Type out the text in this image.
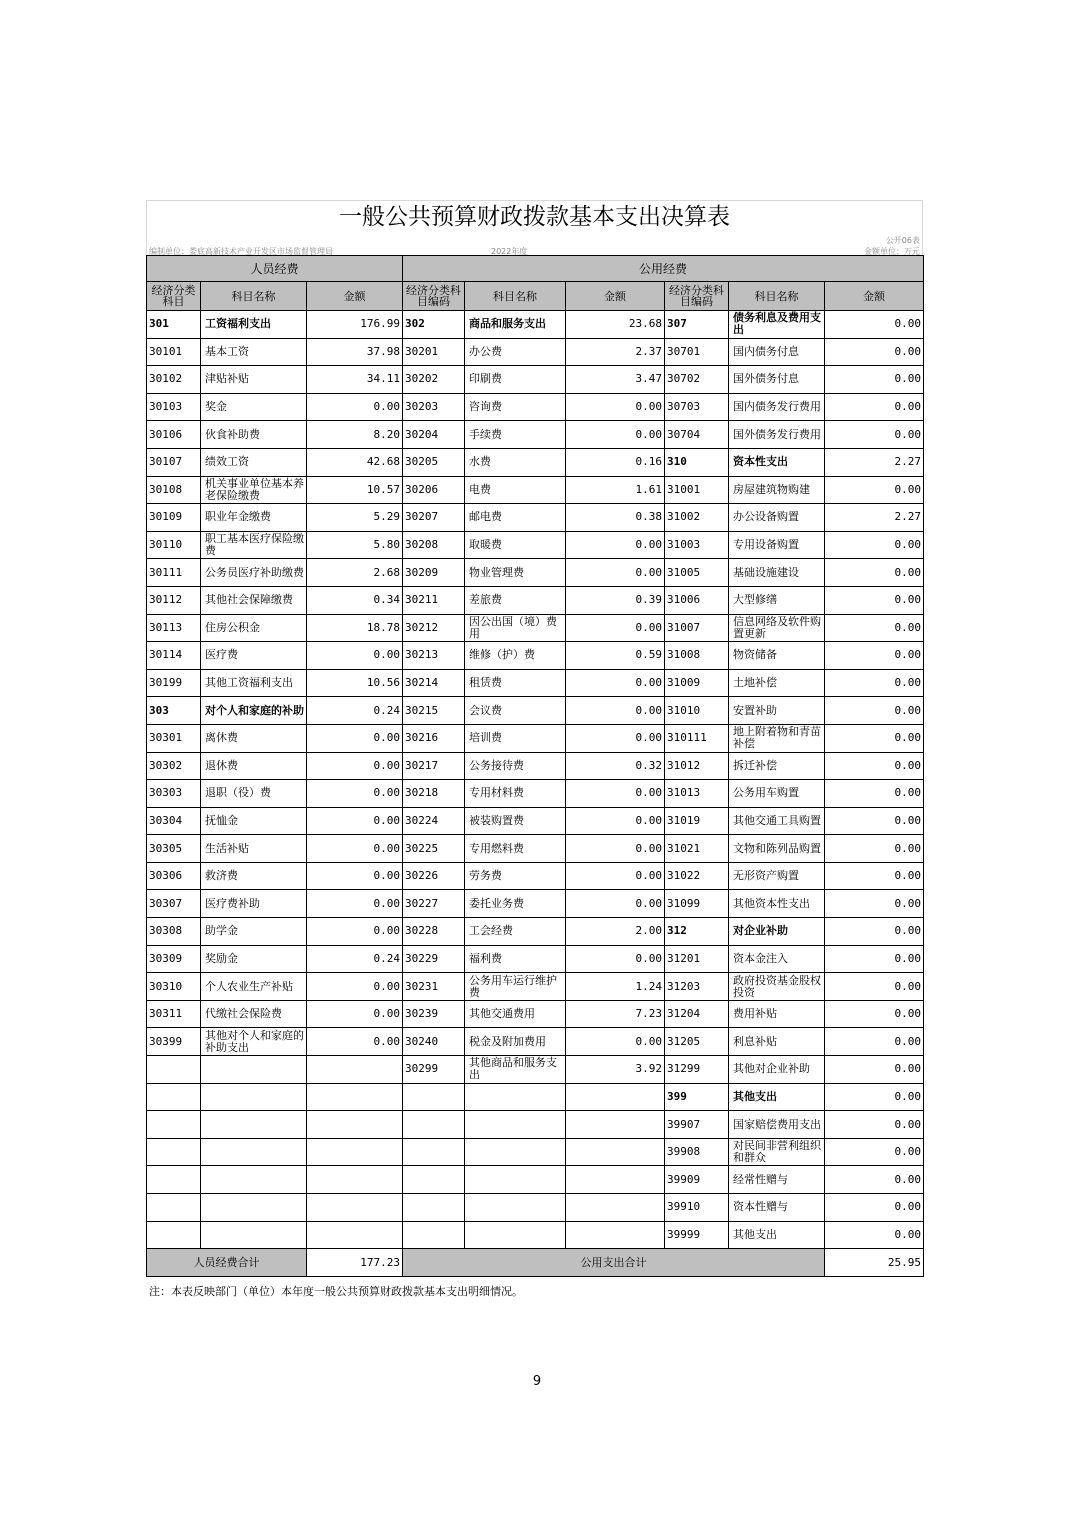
一般公共预算财政拨款基本支出决算表
编制单位：娄底高新技术产业开发区市场监督管理局	2022年度
公开06表
金额单位：万元
人员经费			公用经费					
经济分类科目	科目名称	金额	经济分类科目编码	科目名称	金额	经济分类科目编码	科目名称	金额
301	工资福利支出	176.99	302	商品和服务支出	23.68	307	债务利息及费用支出	0.00
30101	基本工资	37.98	30201	办公费	2.37	30701	国内债务付息	0.00
30102	津贴补贴	34.11	30202	印刷费	3.47	30702	国外债务付息	0.00
30103	奖金	0.00	30203	咨询费	0.00	30703	国内债务发行费用	0.00
30106	伙食补助费	8.20	30204	手续费	0.00	30704	国外债务发行费用	0.00
30107	绩效工资	42.68	30205	水费	0.16	310	资本性支出	2.27
30108	机关事业单位基本养老保险缴费	10.57	30206	电费	1.61	31001	房屋建筑物购建	0.00
30109	职业年金缴费	5.29	30207	邮电费	0.38	31002	办公设备购置	2.27
30110	职工基本医疗保险缴费	5.80	30208	取暖费	0.00	31003	专用设备购置	0.00
30111	公务员医疗补助缴费	2.68	30209	物业管理费	0.00	31005	基础设施建设	0.00
30112	其他社会保障缴费	0.34	30211	差旅费	0.39	31006	大型修缮	0.00
30113	住房公积金	18.78	30212	因公出国（境）费用	0.00	31007	信息网络及软件购置更新	0.00
30114	医疗费	0.00	30213	维修（护）费	0.59	31008	物资储备	0.00
30199	其他工资福利支出	10.56	30214	租赁费	0.00	31009	土地补偿	0.00
303	对个人和家庭的补助	0.24	30215	会议费	0.00	31010	安置补助	0.00
30301	离休费	0.00	30216	培训费	0.00	310111	地上附着物和青苗补偿	0.00
30302	退休费	0.00	30217	公务接待费	0.32	31012	拆迁补偿	0.00
30303	退职（役）费	0.00	30218	专用材料费	0.00	31013	公务用车购置	0.00
30304	抚恤金	0.00	30224	被装购置费	0.00	31019	其他交通工具购置	0.00
30305	生活补贴	0.00	30225	专用燃料费	0.00	31021	文物和陈列品购置	0.00
30306	救济费	0.00	30226	劳务费	0.00	31022	无形资产购置	0.00
30307	医疗费补助	0.00	30227	委托业务费	0.00	31099	其他资本性支出	0.00
30308	助学金	0.00	30228	工会经费	2.00	312	对企业补助	0.00
30309	奖励金	0.24	30229	福利费	0.00	31201	资本金注入	0.00
30310	个人农业生产补贴	0.00	30231	公务用车运行维护费	1.24	31203	政府投资基金股权投资	0.00
30311	代缴社会保险费	0.00	30239	其他交通费用	7.23	31204	费用补贴	0.00
30399	其他对个人和家庭的补助支出	0.00	30240	税金及附加费用	0.00	31205	利息补贴	0.00
			30299	其他商品和服务支出	3.92	31299	其他对企业补助	0.00
						399	其他支出	0.00
						39907	国家赔偿费用支出	0.00
						39908	对民间非营利组织和群众	0.00
						39909	经常性赠与	0.00
						39910	资本性赠与	0.00
						39999	其他支出	0.00
人员经费合计		177.23	公用支出合计					25.95
注：本表反映部门（单位）本年度一般公共预算财政拨款基本支出明细情况。
9
